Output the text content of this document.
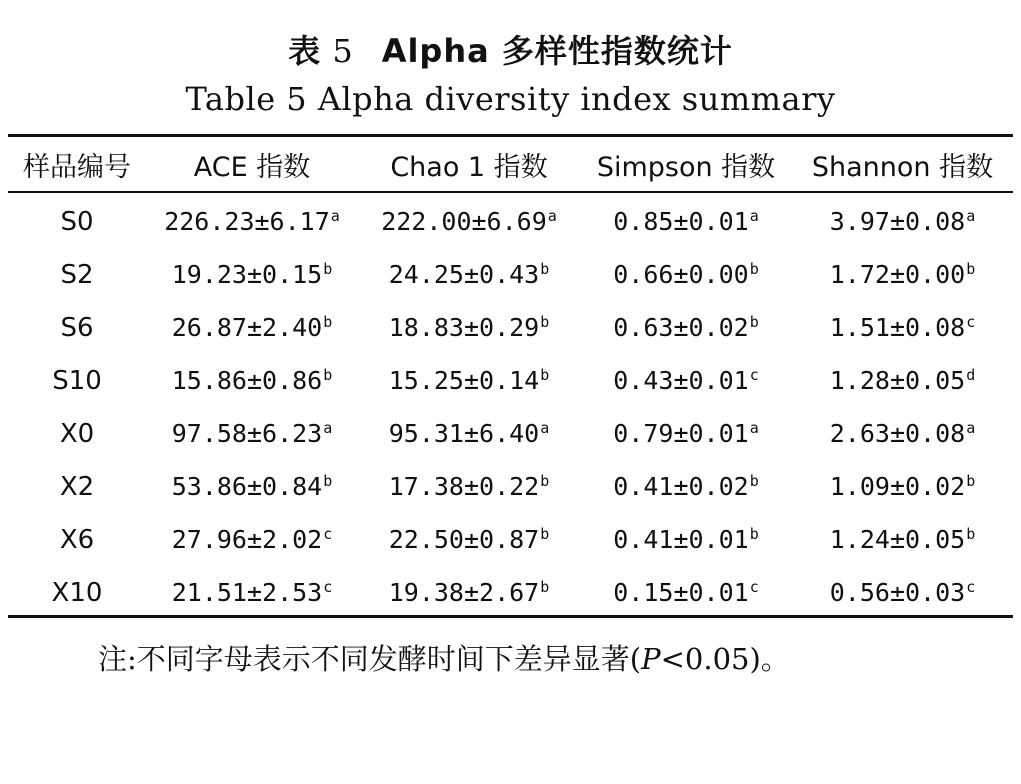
表 5 Alpha 多样性指数统计
Table 5 Alpha diversity index summary
样品编号	ACE 指数	Chao 1 指数	Simpson 指数	Shannon 指数
S0	226.23±6.17$^a$	222.00±6.69$^a$	0.85±0.01$^a$	3.97±0.08$^a$
S2	19.23±0.15$^b$	24.25±0.43$^b$	0.66±0.00$^b$	1.72±0.00$^b$
S6	26.87±2.40$^b$	18.83±0.29$^b$	0.63±0.02$^b$	1.51±0.08$^c$
S10	15.86±0.86$^b$	15.25±0.14$^b$	0.43±0.01$^c$	1.28±0.05$^d$
X0	97.58±6.23$^a$	95.31±6.40$^a$	0.79±0.01$^a$	2.63±0.08$^a$
X2	53.86±0.84$^b$	17.38±0.22$^b$	0.41±0.02$^b$	1.09±0.02$^b$
X6	27.96±2.02$^c$	22.50±0.87$^b$	0.41±0.01$^b$	1.24±0.05$^b$
X10	21.51±2.53$^c$	19.38±2.67$^b$	0.15±0.01$^c$	0.56±0.03$^c$
注:不同字母表示不同发酵时间下差异显著(P<0.05)。
